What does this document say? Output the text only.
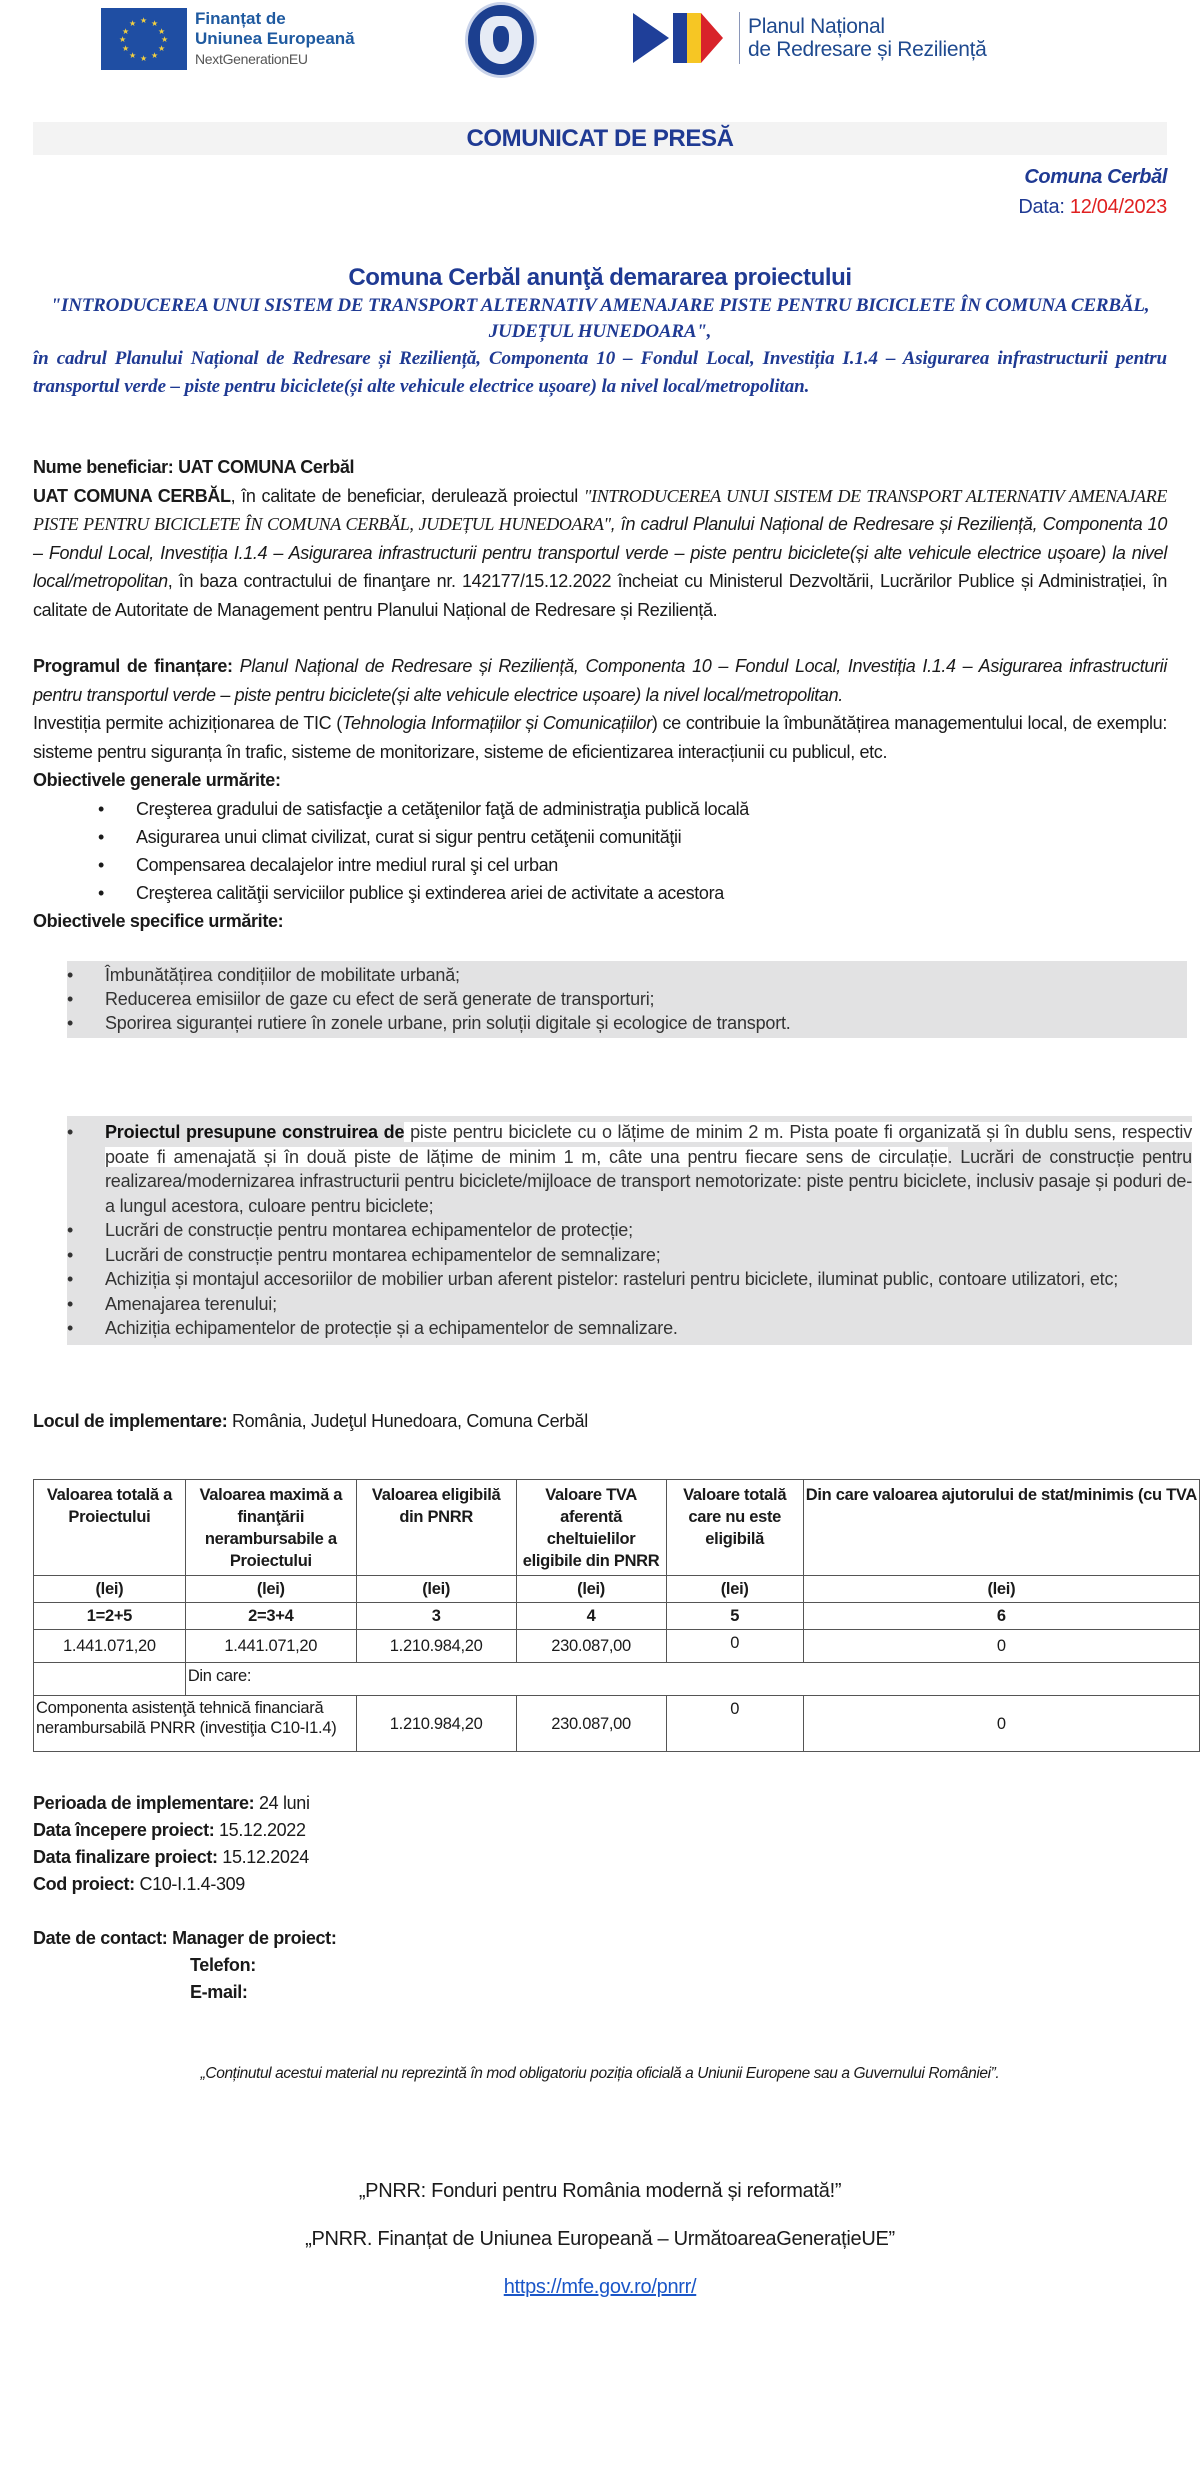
★ ★
★
★
★
★
★
★
★
★
★
★	Finanțat de
Uniunea Europeană
NextGenerationEU
Planul Național
de Redresare și Reziliență
COMUNICAT DE PRESĂ
Comuna Cerbăl
Data: 12/04/2023
Comuna Cerbăl anunţă demararea proiectului
"INTRODUCEREA UNUI SISTEM DE TRANSPORT ALTERNATIV AMENAJARE PISTE PENTRU BICICLETE ÎN COMUNA CERBĂL, JUDEȚUL HUNEDOARA",
în cadrul Planului Național de Redresare și Reziliență, Componenta 10 – Fondul Local, Investiția I.1.4 – Asigurarea infrastructurii pentru transportul verde – piste pentru biciclete(și alte vehicule electrice ușoare) la nivel local/metropolitan.

Nume beneficiar: UAT COMUNA Cerbăl

UAT COMUNA CERBĂL, în calitate de beneficiar, derulează proiectul "INTRODUCEREA UNUI SISTEM DE TRANSPORT ALTERNATIV AMENAJARE PISTE PENTRU BICICLETE ÎN COMUNA CERBĂL, JUDEȚUL HUNEDOARA", în cadrul Planului Național de Redresare și Reziliență, Componenta 10 – Fondul Local, Investiția I.1.4 – Asigurarea infrastructurii pentru transportul verde – piste pentru biciclete(și alte vehicule electrice ușoare) la nivel local/metropolitan, în baza contractului de finanţare nr. 142177/15.12.2022 încheiat cu Ministerul Dezvoltării, Lucrărilor Publice și Administrației, în calitate de Autoritate de Management pentru Planului Național de Redresare și Reziliență.

Programul de finanțare: Planul Național de Redresare și Reziliență, Componenta 10 – Fondul Local, Investiția I.1.4 – Asigurarea infrastructurii pentru transportul verde – piste pentru biciclete(și alte vehicule electrice ușoare) la nivel local/metropolitan.

Investiția permite achiziționarea de TIC (Tehnologia Informațiilor și Comunicațiilor) ce contribuie la îmbunătățirea managementului local, de exemplu: sisteme pentru siguranța în trafic, sisteme de monitorizare, sisteme de eficientizarea interacțiunii cu publicul, etc.

Obiectivele generale urmărite:
• Creşterea gradului de satisfacţie a cetăţenilor faţă de administraţia publică locală
• Asigurarea unui climat civilizat, curat si sigur pentru cetăţenii comunităţii
• Compensarea decalajelor intre mediul rural şi cel urban
• Creşterea calităţii serviciilor publice şi extinderea ariei de activitate a acestora
Obiectivele specifice urmărite:
• Îmbunătățirea condițiilor de mobilitate urbană;
• Reducerea emisiilor de gaze cu efect de seră generate de transporturi;
• Sporirea siguranței rutiere în zonele urbane, prin soluții digitale și ecologice de transport.
• Proiectul presupune construirea de piste pentru biciclete cu o lățime de minim 2 m. Pista poate fi organizată și în dublu sens, respectiv poate fi amenajată și în două piste de lățime de minim 1 m, câte una pentru fiecare sens de circulație. Lucrări de construcție pentru realizarea/modernizarea infrastructurii pentru biciclete/mijloace de transport nemotorizate: piste pentru biciclete, inclusiv pasaje și poduri de-a lungul acestora, culoare pentru biciclete;
• Lucrări de construcție pentru montarea echipamentelor de protecție;
• Lucrări de construcție pentru montarea echipamentelor de semnalizare;
• Achiziția și montajul accesoriilor de mobilier urban aferent pistelor: rasteluri pentru biciclete, iluminat public, contoare utilizatori, etc;
• Amenajarea terenului;
• Achiziția echipamentelor de protecție și a echipamentelor de semnalizare.

Locul de implementare: România, Judeţul Hunedoara, Comuna Cerbăl

Valoarea totală a Proiectului	Valoarea maximă a finanţării nerambursabile a Proiectului	Valoarea eligibilă din PNRR	Valoare TVA aferentă cheltuielilor eligibile din PNRR	Valoare totală care nu este eligibilă	Din care valoarea ajutorului de stat/minimis (cu TVA
(lei)	(lei)	(lei)	(lei)	(lei)	(lei)
1=2+5	2=3+4	3	4	5	6
1.441.071,20	1.441.071,20	1.210.984,20	230.087,00	0	0
	Din care:				
Componenta asistenţă tehnică financiară nerambursabilă PNRR (investiţia C10-I1.4)		1.210.984,20	230.087,00	0	0
Perioada de implementare: 24 luni
Data începere proiect: 15.12.2022
Data finalizare proiect: 15.12.2024
Cod proiect: C10-I.1.4-309
Date de contact: Manager de proiect:
Telefon:
E-mail:
„Conținutul acestui material nu reprezintă în mod obligatoriu poziția oficială a Uniunii Europene sau a Guvernului României”.
„PNRR: Fonduri pentru România modernă și reformată!”
„PNRR. Finanțat de Uniunea Europeană – UrmătoareaGenerațieUE”
https://mfe.gov.ro/pnrr/
